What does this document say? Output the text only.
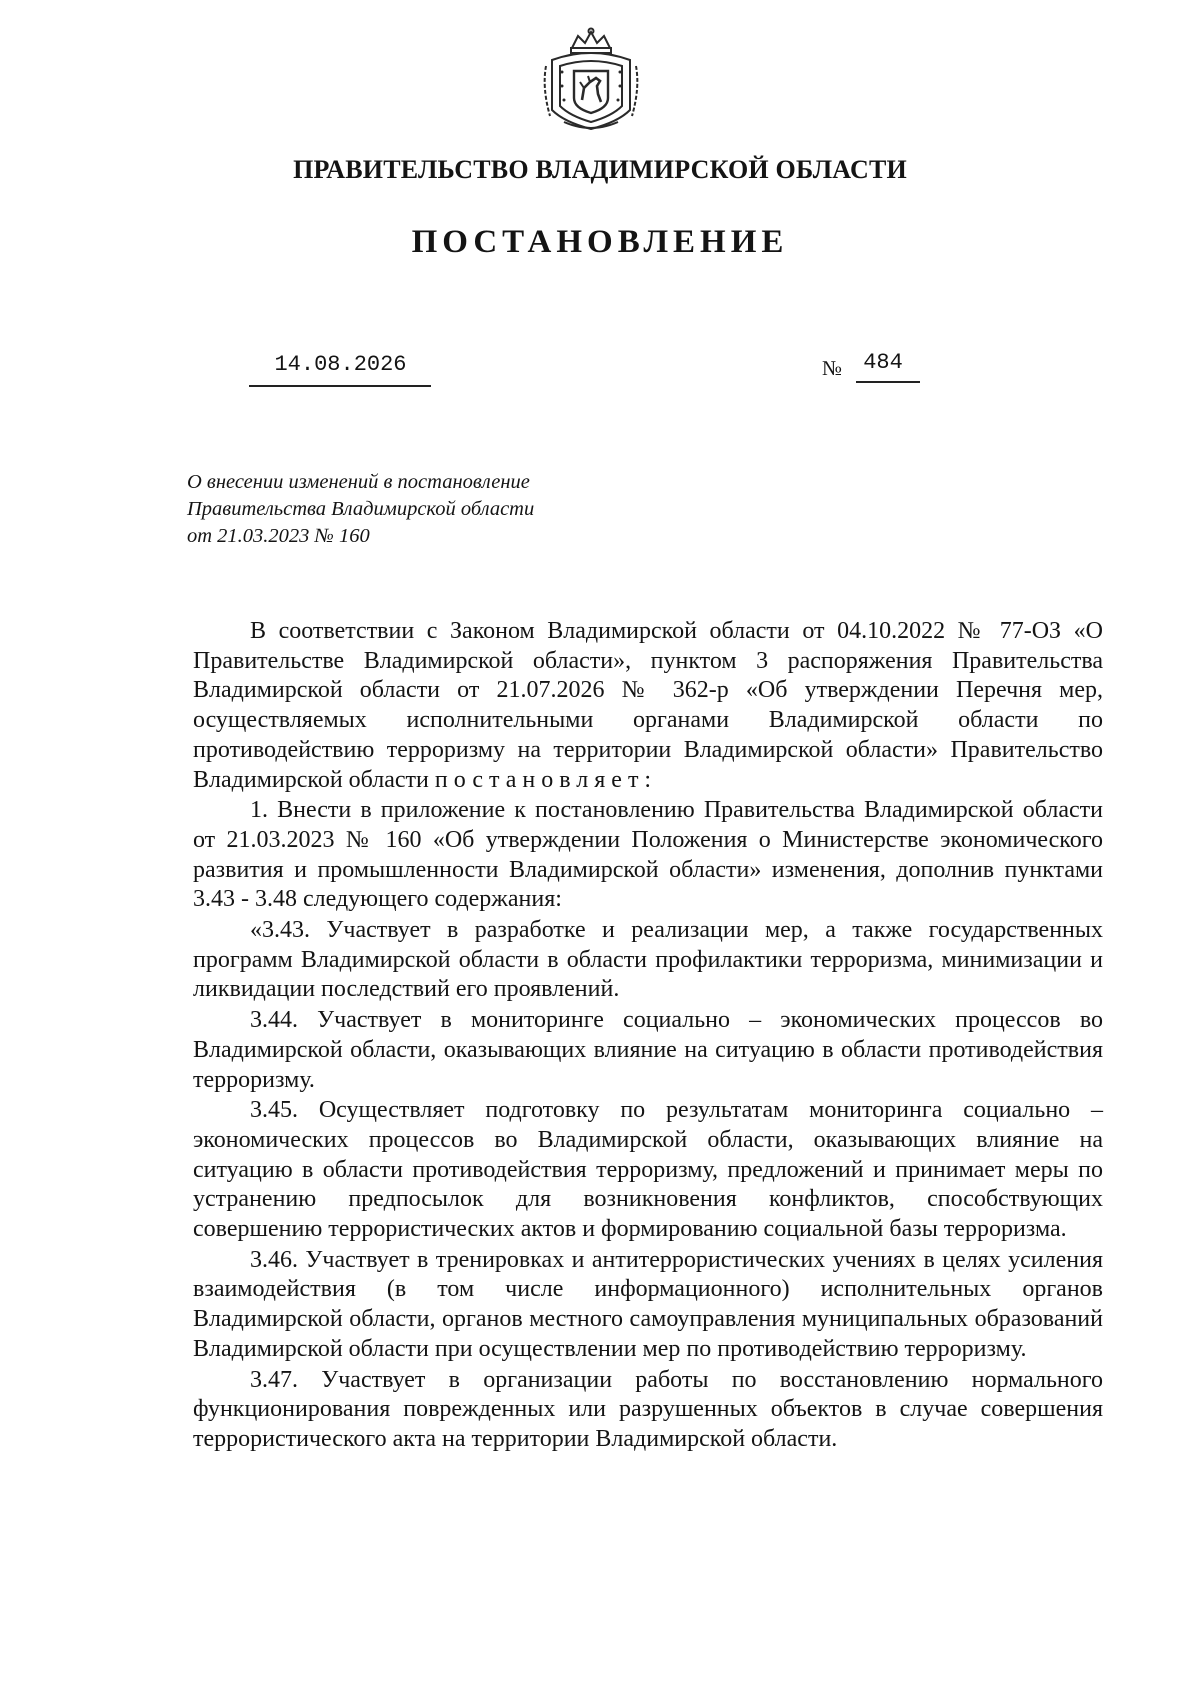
ПРАВИТЕЛЬСТВО ВЛАДИМИРСКОЙ ОБЛАСТИ
ПОСТАНОВЛЕНИЕ
14.08.2026	№ 484
О внесении изменений в постановление
Правительства Владимирской области
от 21.03.2023 № 160

В соответствии с Законом Владимирской области от 04.10.2022 № 77-ОЗ «О Правительстве Владимирской области», пунктом 3 распоряжения Правительства Владимирской области от 21.07.2026 № 362-р «Об утверждении Перечня мер, осуществляемых исполнительными органами Владимирской области по противодействию терроризму на территории Владимирской области» Правительство Владимирской области постановляет:

1. Внести в приложение к постановлению Правительства Владимирской области от 21.03.2023 № 160 «Об утверждении Положения о Министерстве экономического развития и промышленности Владимирской области» изменения, дополнив пунктами 3.43 - 3.48 следующего содержания:

«3.43. Участвует в разработке и реализации мер, а также государственных программ Владимирской области в области профилактики терроризма, минимизации и ликвидации последствий его проявлений.

3.44. Участвует в мониторинге социально – экономических процессов во Владимирской области, оказывающих влияние на ситуацию в области противодействия терроризму.

3.45. Осуществляет подготовку по результатам мониторинга социально – экономических процессов во Владимирской области, оказывающих влияние на ситуацию в области противодействия терроризму, предложений и принимает меры по устранению предпосылок для возникновения конфликтов, способствующих совершению террористических актов и формированию социальной базы терроризма.

3.46. Участвует в тренировках и антитеррористических учениях в целях усиления взаимодействия (в том числе информационного) исполнительных органов Владимирской области, органов местного самоуправления муниципальных образований Владимирской области при осуществлении мер по противодействию терроризму.

3.47. Участвует в организации работы по восстановлению нормального функционирования поврежденных или разрушенных объектов в случае совершения террористического акта на территории Владимирской области.
